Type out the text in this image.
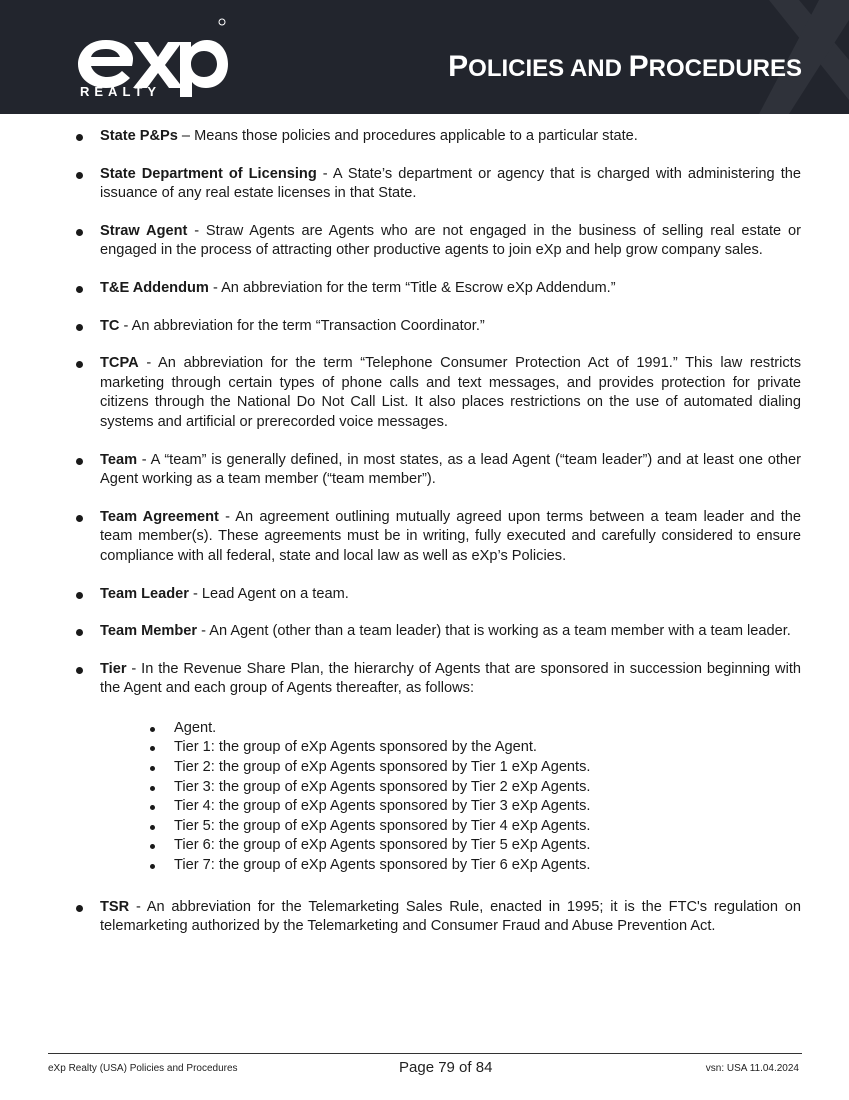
REALTY
POLICIES AND PROCEDURES
State P&Ps – Means those policies and procedures applicable to a particular state.
State Department of Licensing - A State’s department or agency that is charged with administering the issuance of any real estate licenses in that State.
Straw Agent - Straw Agents are Agents who are not engaged in the business of selling real estate or engaged in the process of attracting other productive agents to join eXp and help grow company sales.
T&E Addendum - An abbreviation for the term “Title & Escrow eXp Addendum.”
TC - An abbreviation for the term “Transaction Coordinator.”
TCPA - An abbreviation for the term “Telephone Consumer Protection Act of 1991.” This law restricts marketing through certain types of phone calls and text messages, and provides protection for private citizens through the National Do Not Call List. It also places restrictions on the use of automated dialing systems and artificial or prerecorded voice messages.
Team - A “team” is generally defined, in most states, as a lead Agent (“team leader”) and at least one other Agent working as a team member (“team member”).
Team Agreement - An agreement outlining mutually agreed upon terms between a team leader and the team member(s). These agreements must be in writing, fully executed and carefully considered to ensure compliance with all federal, state and local law as well as eXp’s Policies.
Team Leader - Lead Agent on a team.
Team Member - An Agent (other than a team leader) that is working as a team member with a team leader.
Tier - In the Revenue Share Plan, the hierarchy of Agents that are sponsored in succession beginning with the Agent and each group of Agents thereafter, as follows:
Agent.
Tier 1: the group of eXp Agents sponsored by the Agent.
Tier 2: the group of eXp Agents sponsored by Tier 1 eXp Agents.
Tier 3: the group of eXp Agents sponsored by Tier 2 eXp Agents.
Tier 4: the group of eXp Agents sponsored by Tier 3 eXp Agents.
Tier 5: the group of eXp Agents sponsored by Tier 4 eXp Agents.
Tier 6: the group of eXp Agents sponsored by Tier 5 eXp Agents.
Tier 7: the group of eXp Agents sponsored by Tier 6 eXp Agents.
TSR - An abbreviation for the Telemarketing Sales Rule, enacted in 1995; it is the FTC's regulation on telemarketing authorized by the Telemarketing and Consumer Fraud and Abuse Prevention Act.
eXp Realty (USA) Policies and Procedures	Page 79 of 84	vsn: USA 11.04.2024
